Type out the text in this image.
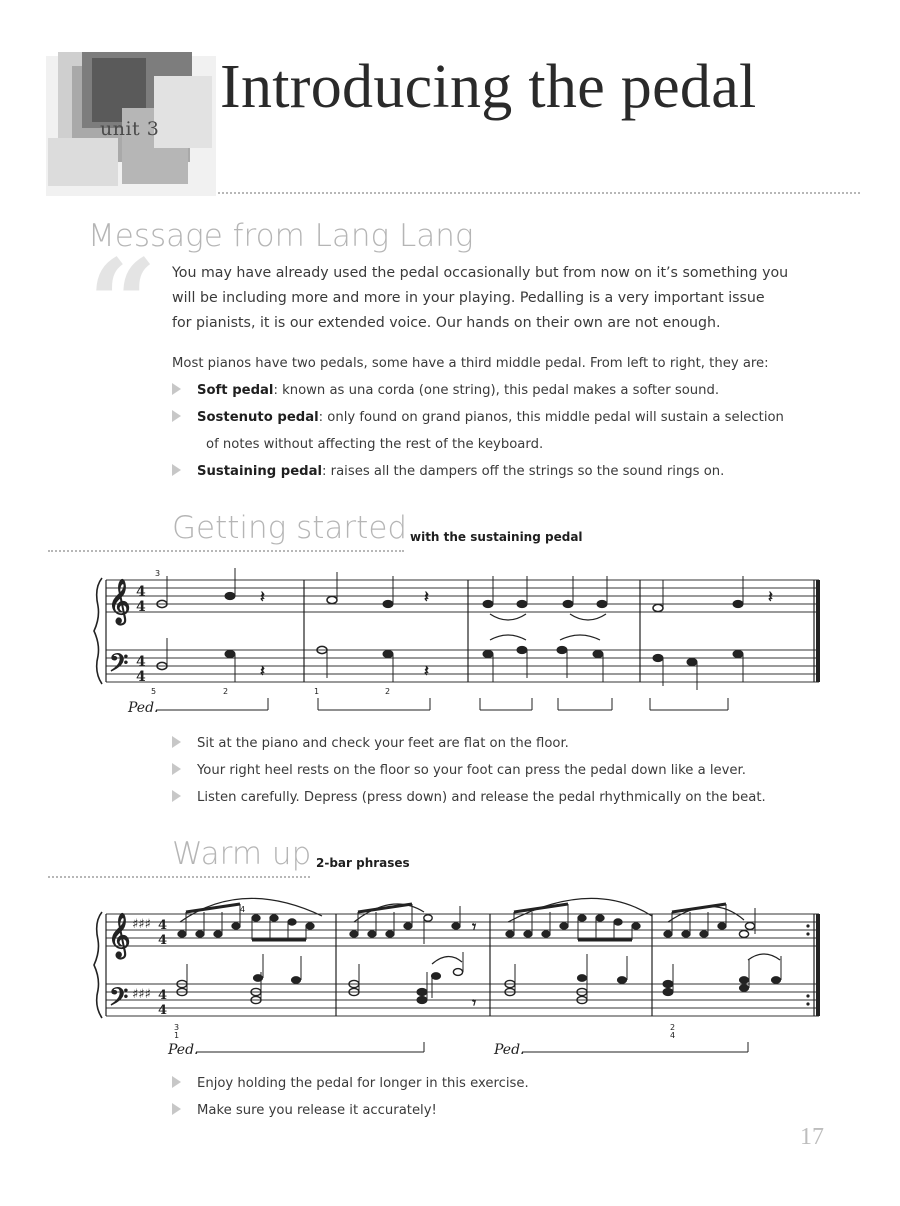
unit 3
Introducing the pedal
Message from Lang Lang
“ You may have already used the pedal occasionally but from now on it’s something you
will be including more and more in your playing. Pedalling is a very important issue
for pianists, it is our extended voice. Our hands on their own are not enough.
Most pianos have two pedals, some have a third middle pedal. From left to right, they are:
Soft pedal: known as una corda (one string), this pedal makes a softer sound.
Sostenuto pedal: only found on grand pianos, this middle pedal will sustain a selection
of notes without affecting the rest of the keyboard.
Sustaining pedal: raises all the dampers off the strings so the sound rings on.
Getting started with the sustaining pedal
𝄞
𝄢
4
4
4
4
𝄽	𝄽	𝄽
𝄽	𝄽
3
5	2	1	2
Ped.
Sit at the piano and check your feet are flat on the floor.
Your right heel rests on the floor so your foot can press the pedal down like a lever.
Listen carefully. Depress (press down) and release the pedal rhythmically on the beat.
Warm up 2-bar phrases
𝄞
𝄢
♯♯♯
♯♯♯
4
4
4
4
4
𝄾
𝄾
3
1
2
4
Ped.	Ped.
Enjoy holding the pedal for longer in this exercise.
Make sure you release it accurately!
17
